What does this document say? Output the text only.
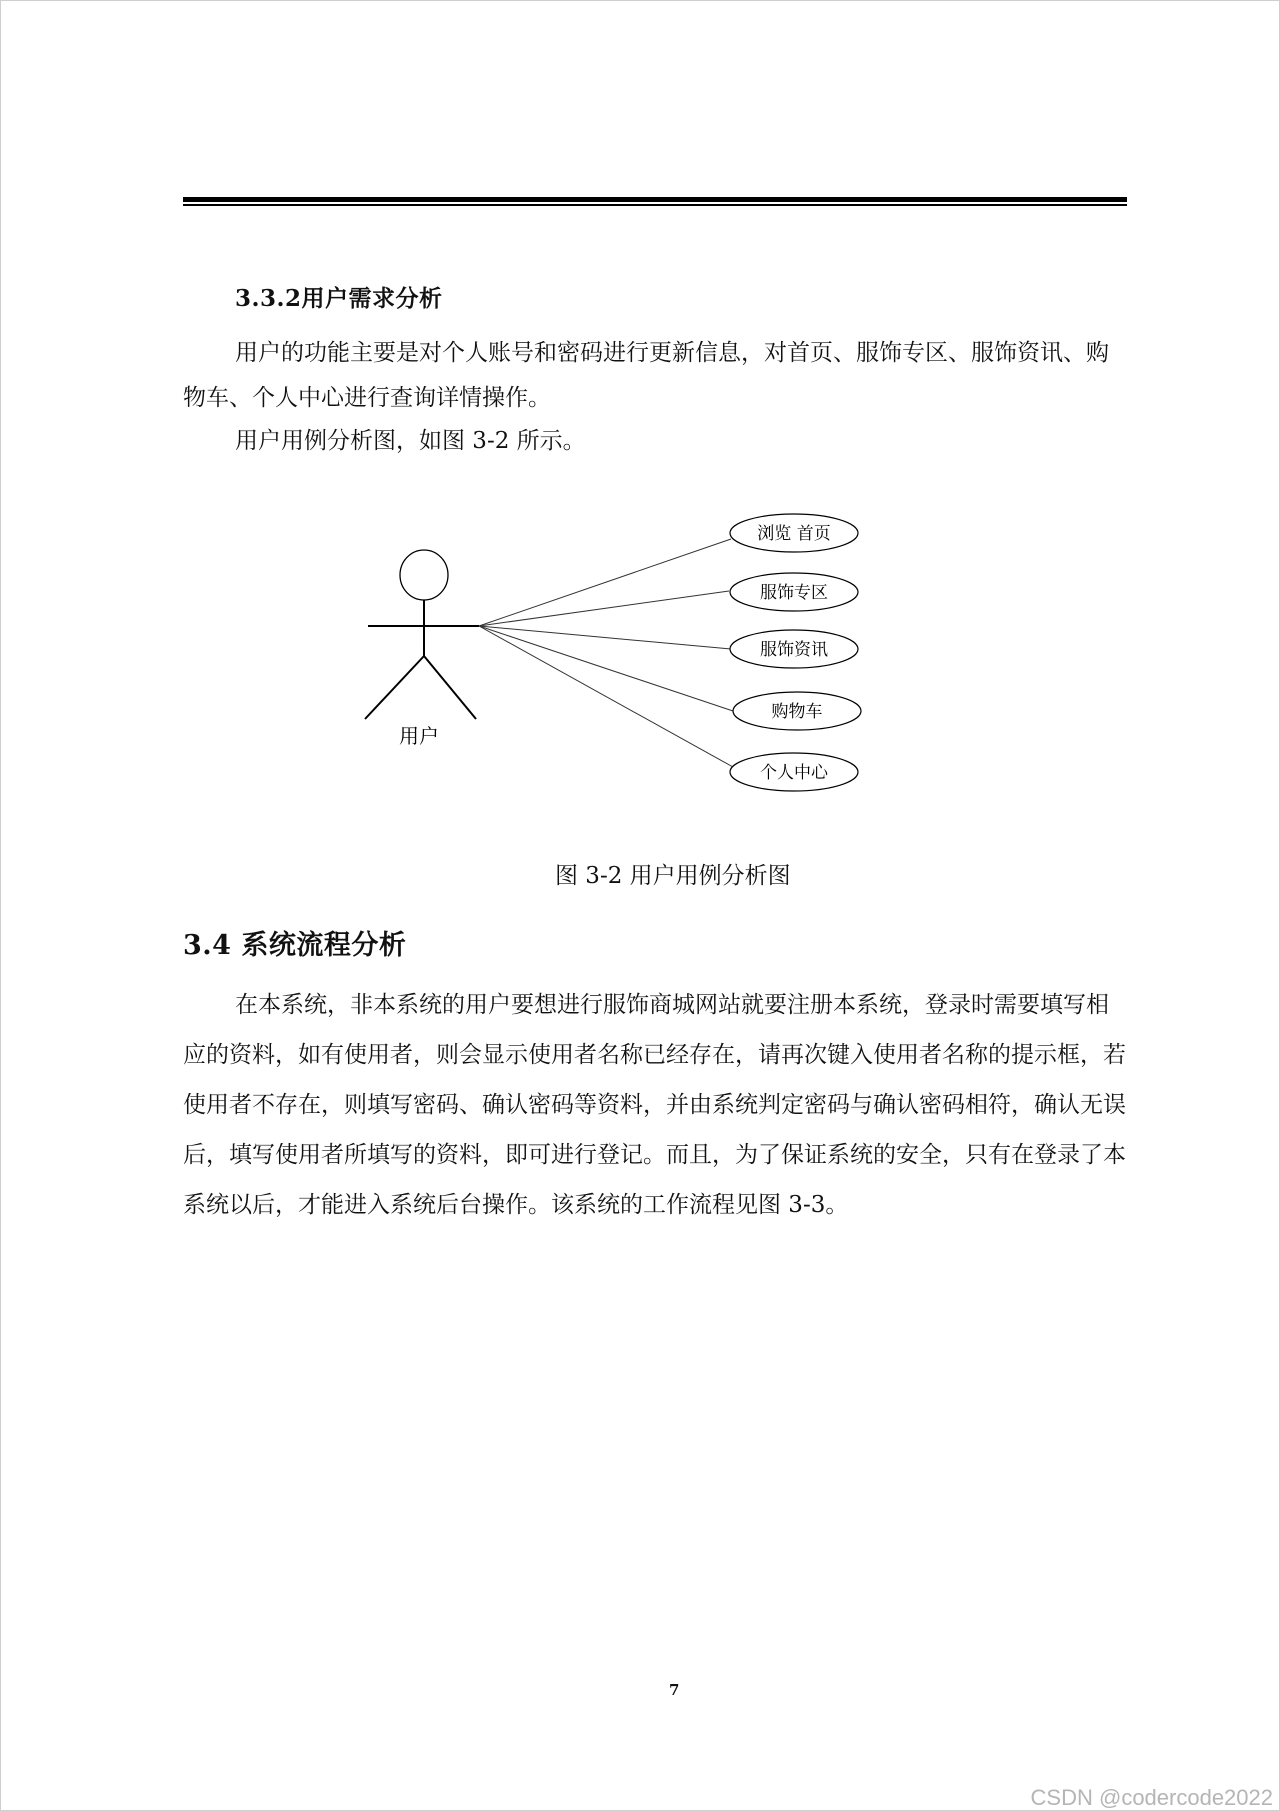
3.3.2用户需求分析
用户的功能主要是对个人账号和密码进行更新信息，对首页、服饰专区、服饰资讯、购物车、个人中心进行查询详情操作。
用户用例分析图，如图 3-2 所示。
用户
浏览 首页
服饰专区
服饰资讯
购物车
个人中心
图 3-2 用户用例分析图
3.4 系统流程分析
在本系统，非本系统的用户要想进行服饰商城网站就要注册本系统，登录时需要填写相应的资料，如有使用者，则会显示使用者名称已经存在，请再次键入使用者名称的提示框，若使用者不存在，则填写密码、确认密码等资料，并由系统判定密码与确认密码相符，确认无误后，填写使用者所填写的资料，即可进行登记。而且，为了保证系统的安全，只有在登录了本系统以后，才能进入系统后台操作。该系统的工作流程见图 3-3。
7
CSDN @codercode2022
